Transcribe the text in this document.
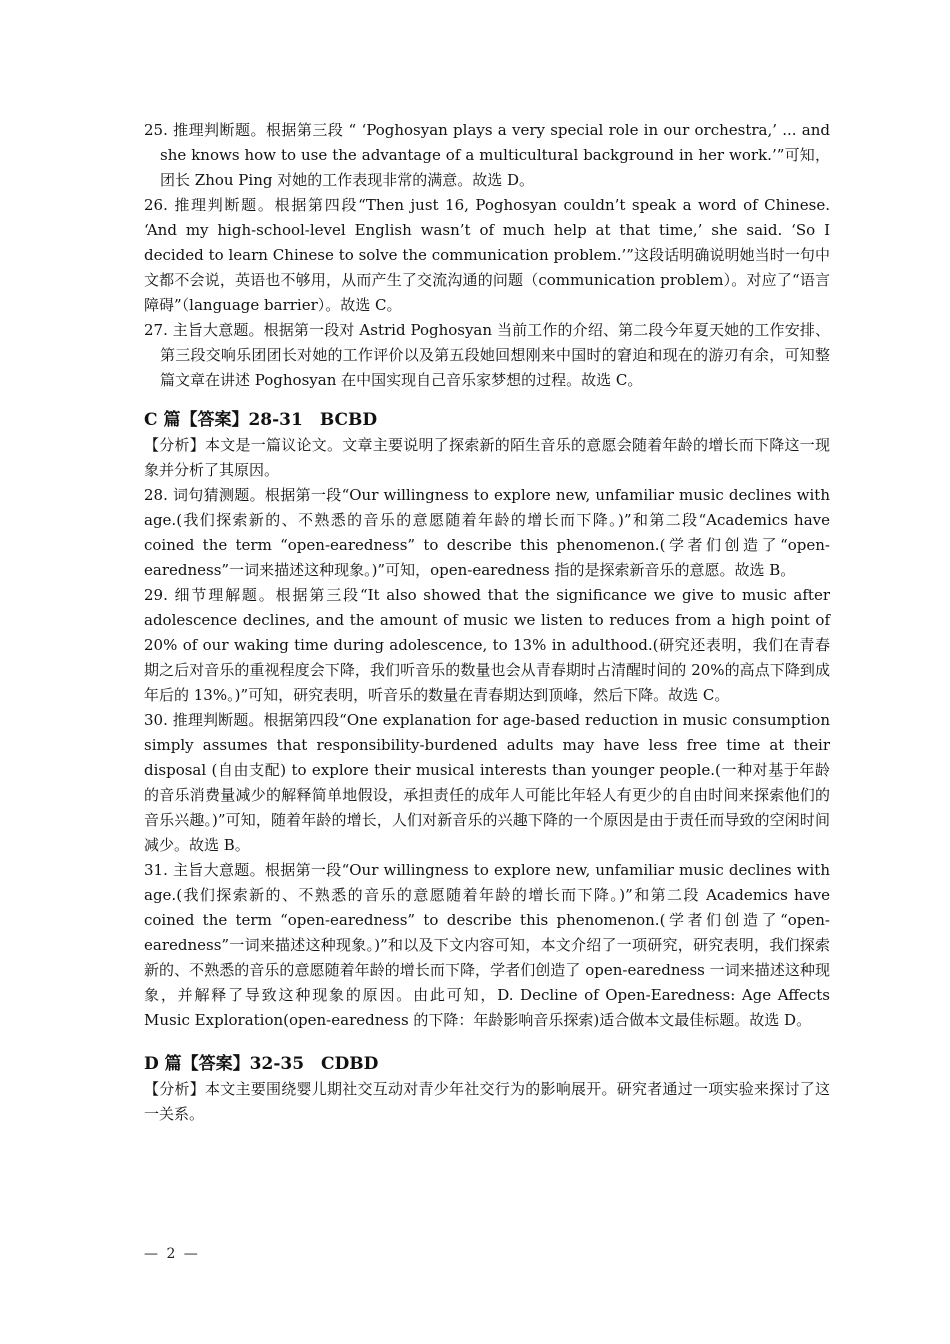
25. 推理判断题。根据第三段 “ ‘Poghosyan plays a very special role in our orchestra,’ ... and she knows how to use the advantage of a multicultural background in her work.’”可知，团长 Zhou Ping 对她的工作表现非常的满意。故选 D。

26. 推理判断题。根据第四段“Then just 16, Poghosyan couldn’t speak a word of Chinese. ‘And my high-school-level English wasn’t of much help at that time,’ she said. ‘So I decided to learn Chinese to solve the communication problem.’”这段话明确说明她当时一句中文都不会说，英语也不够用，从而产生了交流沟通的问题（communication problem）。对应了“语言障碍”（language barrier）。故选 C。

27. 主旨大意题。根据第一段对 Astrid Poghosyan 当前工作的介绍、第二段今年夏天她的工作安排、第三段交响乐团团长对她的工作评价以及第五段她回想刚来中国时的窘迫和现在的游刃有余，可知整篇文章在讲述 Poghosyan 在中国实现自己音乐家梦想的过程。故选 C。

C 篇【答案】28-31　BCBD

【分析】本文是一篇议论文。文章主要说明了探索新的陌生音乐的意愿会随着年龄的增长而下降这一现象并分析了其原因。

28. 词句猜测题。根据第一段“Our willingness to explore new, unfamiliar music declines with age.(我们探索新的、不熟悉的音乐的意愿随着年龄的增长而下降。)”和第二段“Academics have coined the term “open-earedness” to describe this phenomenon.(学者们创造了“open-earedness”一词来描述这种现象。)”可知，open-earedness 指的是探索新音乐的意愿。故选 B。

29. 细节理解题。根据第三段“It also showed that the significance we give to music after adolescence declines, and the amount of music we listen to reduces from a high point of 20% of our waking time during adolescence, to 13% in adulthood.(研究还表明，我们在青春期之后对音乐的重视程度会下降，我们听音乐的数量也会从青春期时占清醒时间的 20%的高点下降到成年后的 13%。)”可知，研究表明，听音乐的数量在青春期达到顶峰，然后下降。故选 C。

30. 推理判断题。根据第四段“One explanation for age-based reduction in music consumption simply assumes that responsibility-burdened adults may have less free time at their disposal (自由支配) to explore their musical interests than younger people.(一种对基于年龄的音乐消费量减少的解释简单地假设，承担责任的成年人可能比年轻人有更少的自由时间来探索他们的音乐兴趣。)”可知，随着年龄的增长，人们对新音乐的兴趣下降的一个原因是由于责任而导致的空闲时间减少。故选 B。

31. 主旨大意题。根据第一段“Our willingness to explore new, unfamiliar music declines with age.(我们探索新的、不熟悉的音乐的意愿随着年龄的增长而下降。)”和第二段 Academics have coined the term “open-earedness” to describe this phenomenon.(学者们创造了“open-earedness”一词来描述这种现象。)”和以及下文内容可知，本文介绍了一项研究，研究表明，我们探索新的、不熟悉的音乐的意愿随着年龄的增长而下降，学者们创造了 open-earedness 一词来描述这种现象，并解释了导致这种现象的原因。由此可知，D. Decline of Open-Earedness: Age Affects Music Exploration(open-earedness 的下降：年龄影响音乐探索)适合做本文最佳标题。故选 D。

D 篇【答案】32-35　CDBD

【分析】本文主要围绕婴儿期社交互动对青少年社交行为的影响展开。研究者通过一项实验来探讨了这一关系。

— 2 —
